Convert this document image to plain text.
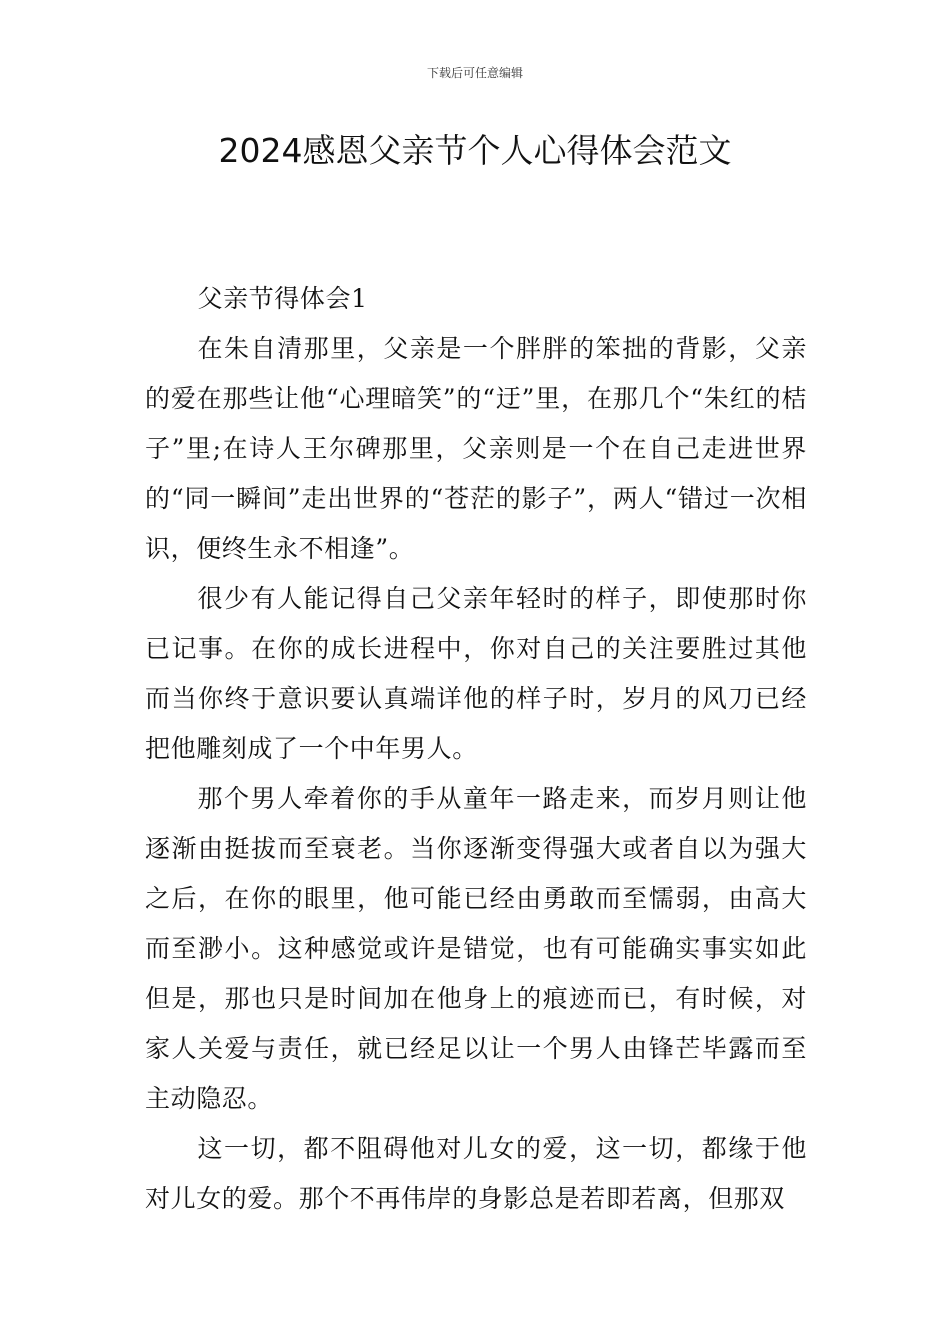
下载后可任意编辑
2024感恩父亲节个人心得体会范文

父亲节得体会1

在朱自清那里，父亲是一个胖胖的笨拙的背影，父亲的爱在那些让他“心理暗笑”的“迂”里，在那几个“朱红的桔子”里;在诗人王尔碑那里，父亲则是一个在自己走进世界的“同一瞬间”走出世界的“苍茫的影子”，两人“错过一次相识，便终生永不相逢”。

很少有人能记得自己父亲年轻时的样子，即使那时你已记事。在你的成长进程中，你对自己的关注要胜过其他而当你终于意识要认真端详他的样子时，岁月的风刀已经把他雕刻成了一个中年男人。

那个男人牵着你的手从童年一路走来，而岁月则让他逐渐由挺拔而至衰老。当你逐渐变得强大或者自以为强大之后，在你的眼里，他可能已经由勇敢而至懦弱，由高大而至渺小。这种感觉或许是错觉，也有可能确实事实如此但是，那也只是时间加在他身上的痕迹而已，有时候，对家人关爱与责任，就已经足以让一个男人由锋芒毕露而至主动隐忍。

这一切，都不阻碍他对儿女的爱，这一切，都缘于他对儿女的爱。那个不再伟岸的身影总是若即若离，但那双
